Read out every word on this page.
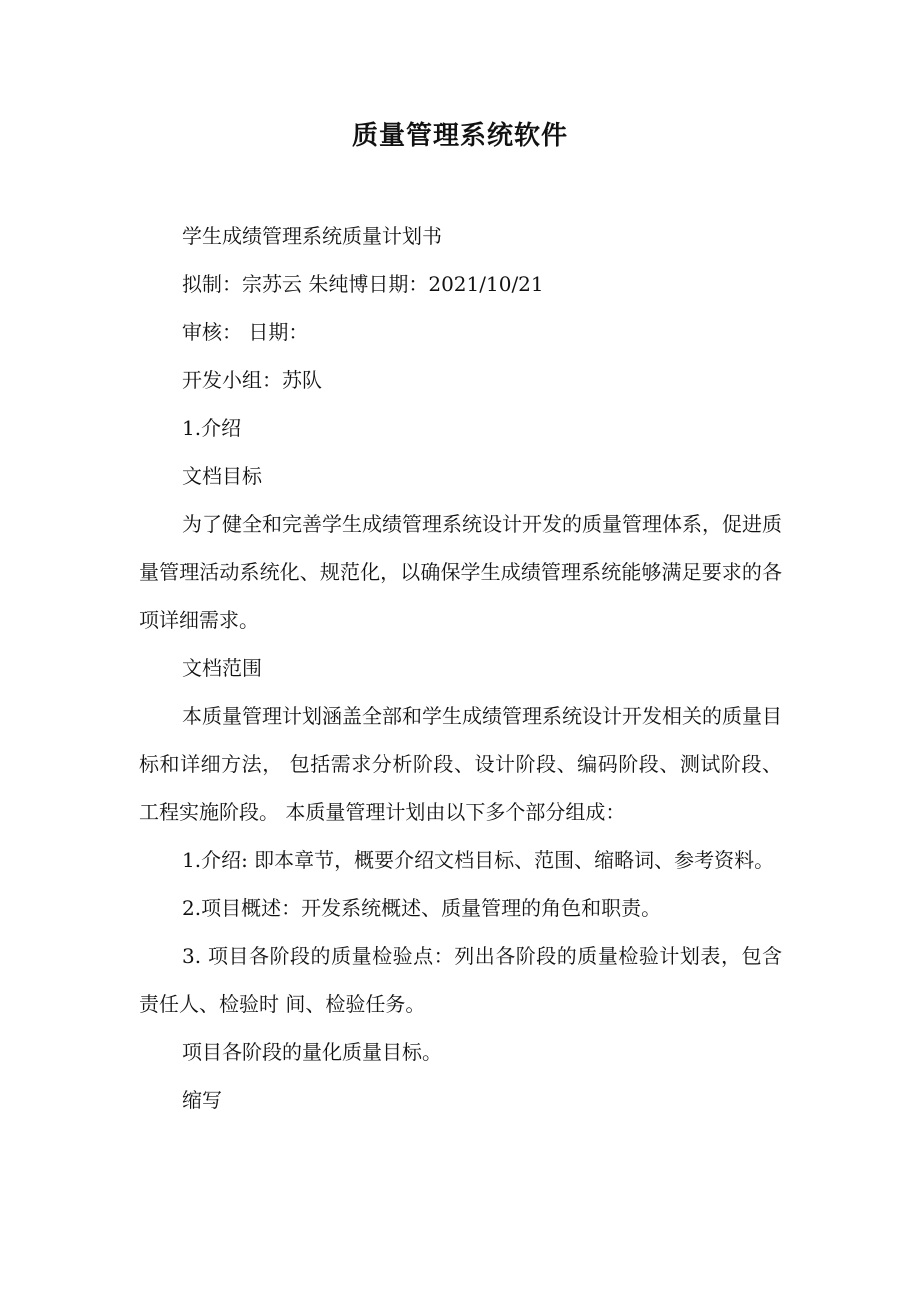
质量管理系统软件

学生成绩管理系统质量计划书

拟制：宗苏云 朱纯博日期：2021/10/21

审核： 日期：

开发小组：苏队

1.介绍

文档目标

为了健全和完善学生成绩管理系统设计开发的质量管理体系，促进质量管理活动系统化、规范化，以确保学生成绩管理系统能够满足要求的各项详细需求。

文档范围

本质量管理计划涵盖全部和学生成绩管理系统设计开发相关的质量目标和详细方法， 包括需求分析阶段、设计阶段、编码阶段、测试阶段、工程实施阶段。 本质量管理计划由以下多个部分组成：

1.介绍: 即本章节，概要介绍文档目标、范围、缩略词、参考资料。

2.项目概述：开发系统概述、质量管理的角色和职责。

3. 项目各阶段的质量检验点：列出各阶段的质量检验计划表，包含责任人、检验时 间、检验任务。

项目各阶段的量化质量目标。

缩写
